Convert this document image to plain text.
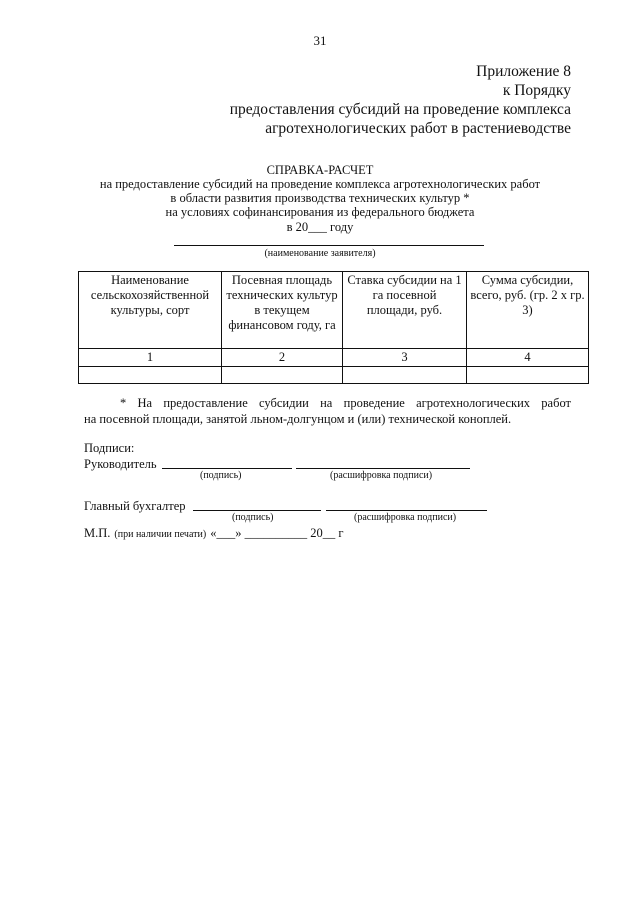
31
Приложение 8
к Порядку
предоставления субсидий на проведение комплекса
агротехнологических работ в растениеводстве
СПРАВКА-РАСЧЕТ
на предоставление субсидий на проведение комплекса агротехнологических работ
в области развития производства технических культур *
на условиях софинансирования из федерального бюджета
в 20___ году
(наименование заявителя)
Наименование сельскохозяйственной культуры, сорт	Посевная площадь технических культур в текущем финансовом году, га	Ставка субсидии на 1 га посевной площади, руб.	Сумма субсидии, всего, руб. (гр. 2 х гр. 3)
1	2	3	4

* На предоставление субсидии на проведение агротехнологических работ
на посевной площади, занятой льном-долгунцом и (или) технической коноплей.
Подписи:
Руководитель
(подпись)	(расшифровка подписи)
Главный бухгалтер
(подпись)	(расшифровка подписи)
М.П. (при наличии печати) «___» __________ 20__ г
